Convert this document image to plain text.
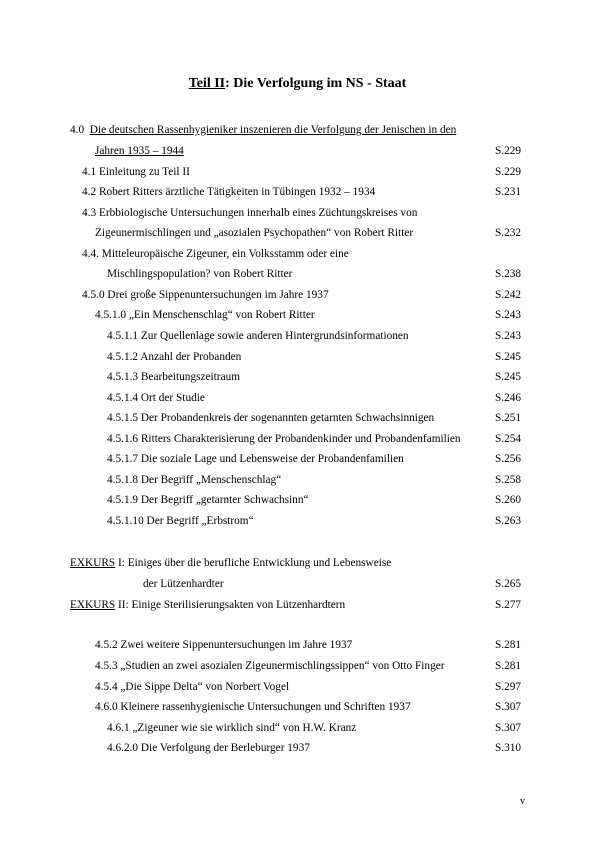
Teil II: Die Verfolgung im NS - Staat
4.0 Die deutschen Rassenhygieniker inszenieren die Verfolgung der Jenischen in den
Jahren 1935 – 1944	S.229
4.1 Einleitung zu Teil II	S.229
4.2 Robert Ritters ärztliche Tätigkeiten in Tübingen 1932 – 1934	S.231
4.3 Erbbiologische Untersuchungen innerhalb eines Züchtungskreises von
Zigeunermischlingen und „asozialen Psychopathen“ von Robert Ritter	S.232
4.4. Mitteleuropäische Zigeuner, ein Volksstamm oder eine
Mischlingspopulation? von Robert Ritter	S.238
4.5.0 Drei große Sippenuntersuchungen im Jahre 1937	S.242
4.5.1.0 „Ein Menschenschlag“ von Robert Ritter	S.243
4.5.1.1 Zur Quellenlage sowie anderen Hintergrundsinformationen	S.243
4.5.1.2 Anzahl der Probanden	S.245
4.5.1.3 Bearbeitungszeitraum	S.245
4.5.1.4 Ort der Studie	S.246
4.5.1.5 Der Probandenkreis der sogenannten getarnten Schwachsinnigen	S.251
4.5.1.6 Ritters Charakterisierung der Probandenkinder und Probandenfamilien	S.254
4.5.1.7 Die soziale Lage und Lebensweise der Probandenfamilien	S.256
4.5.1.8 Der Begriff „Menschenschlag“	S.258
4.5.1.9 Der Begriff „getarnter Schwachsinn“	S.260
4.5.1.10 Der Begriff „Erbstrom“	S.263
EXKURS I: Einiges über die berufliche Entwicklung und Lebensweise
der Lützenhardter	S.265
EXKURS II: Einige Sterilisierungsakten von Lützenhardtern	S.277
4.5.2 Zwei weitere Sippenuntersuchungen im Jahre 1937	S.281
4.5.3 „Studien an zwei asozialen Zigeunermischlingssippen“ von Otto Finger	S.281
4.5.4 „Die Sippe Delta“ von Norbert Vogel	S.297
4.6.0 Kleinere rassenhygienische Untersuchungen und Schriften 1937	S.307
4.6.1 „Zigeuner wie sie wirklich sind“ von H.W. Kranz	S.307
4.6.2.0 Die Verfolgung der Berleburger 1937	S.310
v
